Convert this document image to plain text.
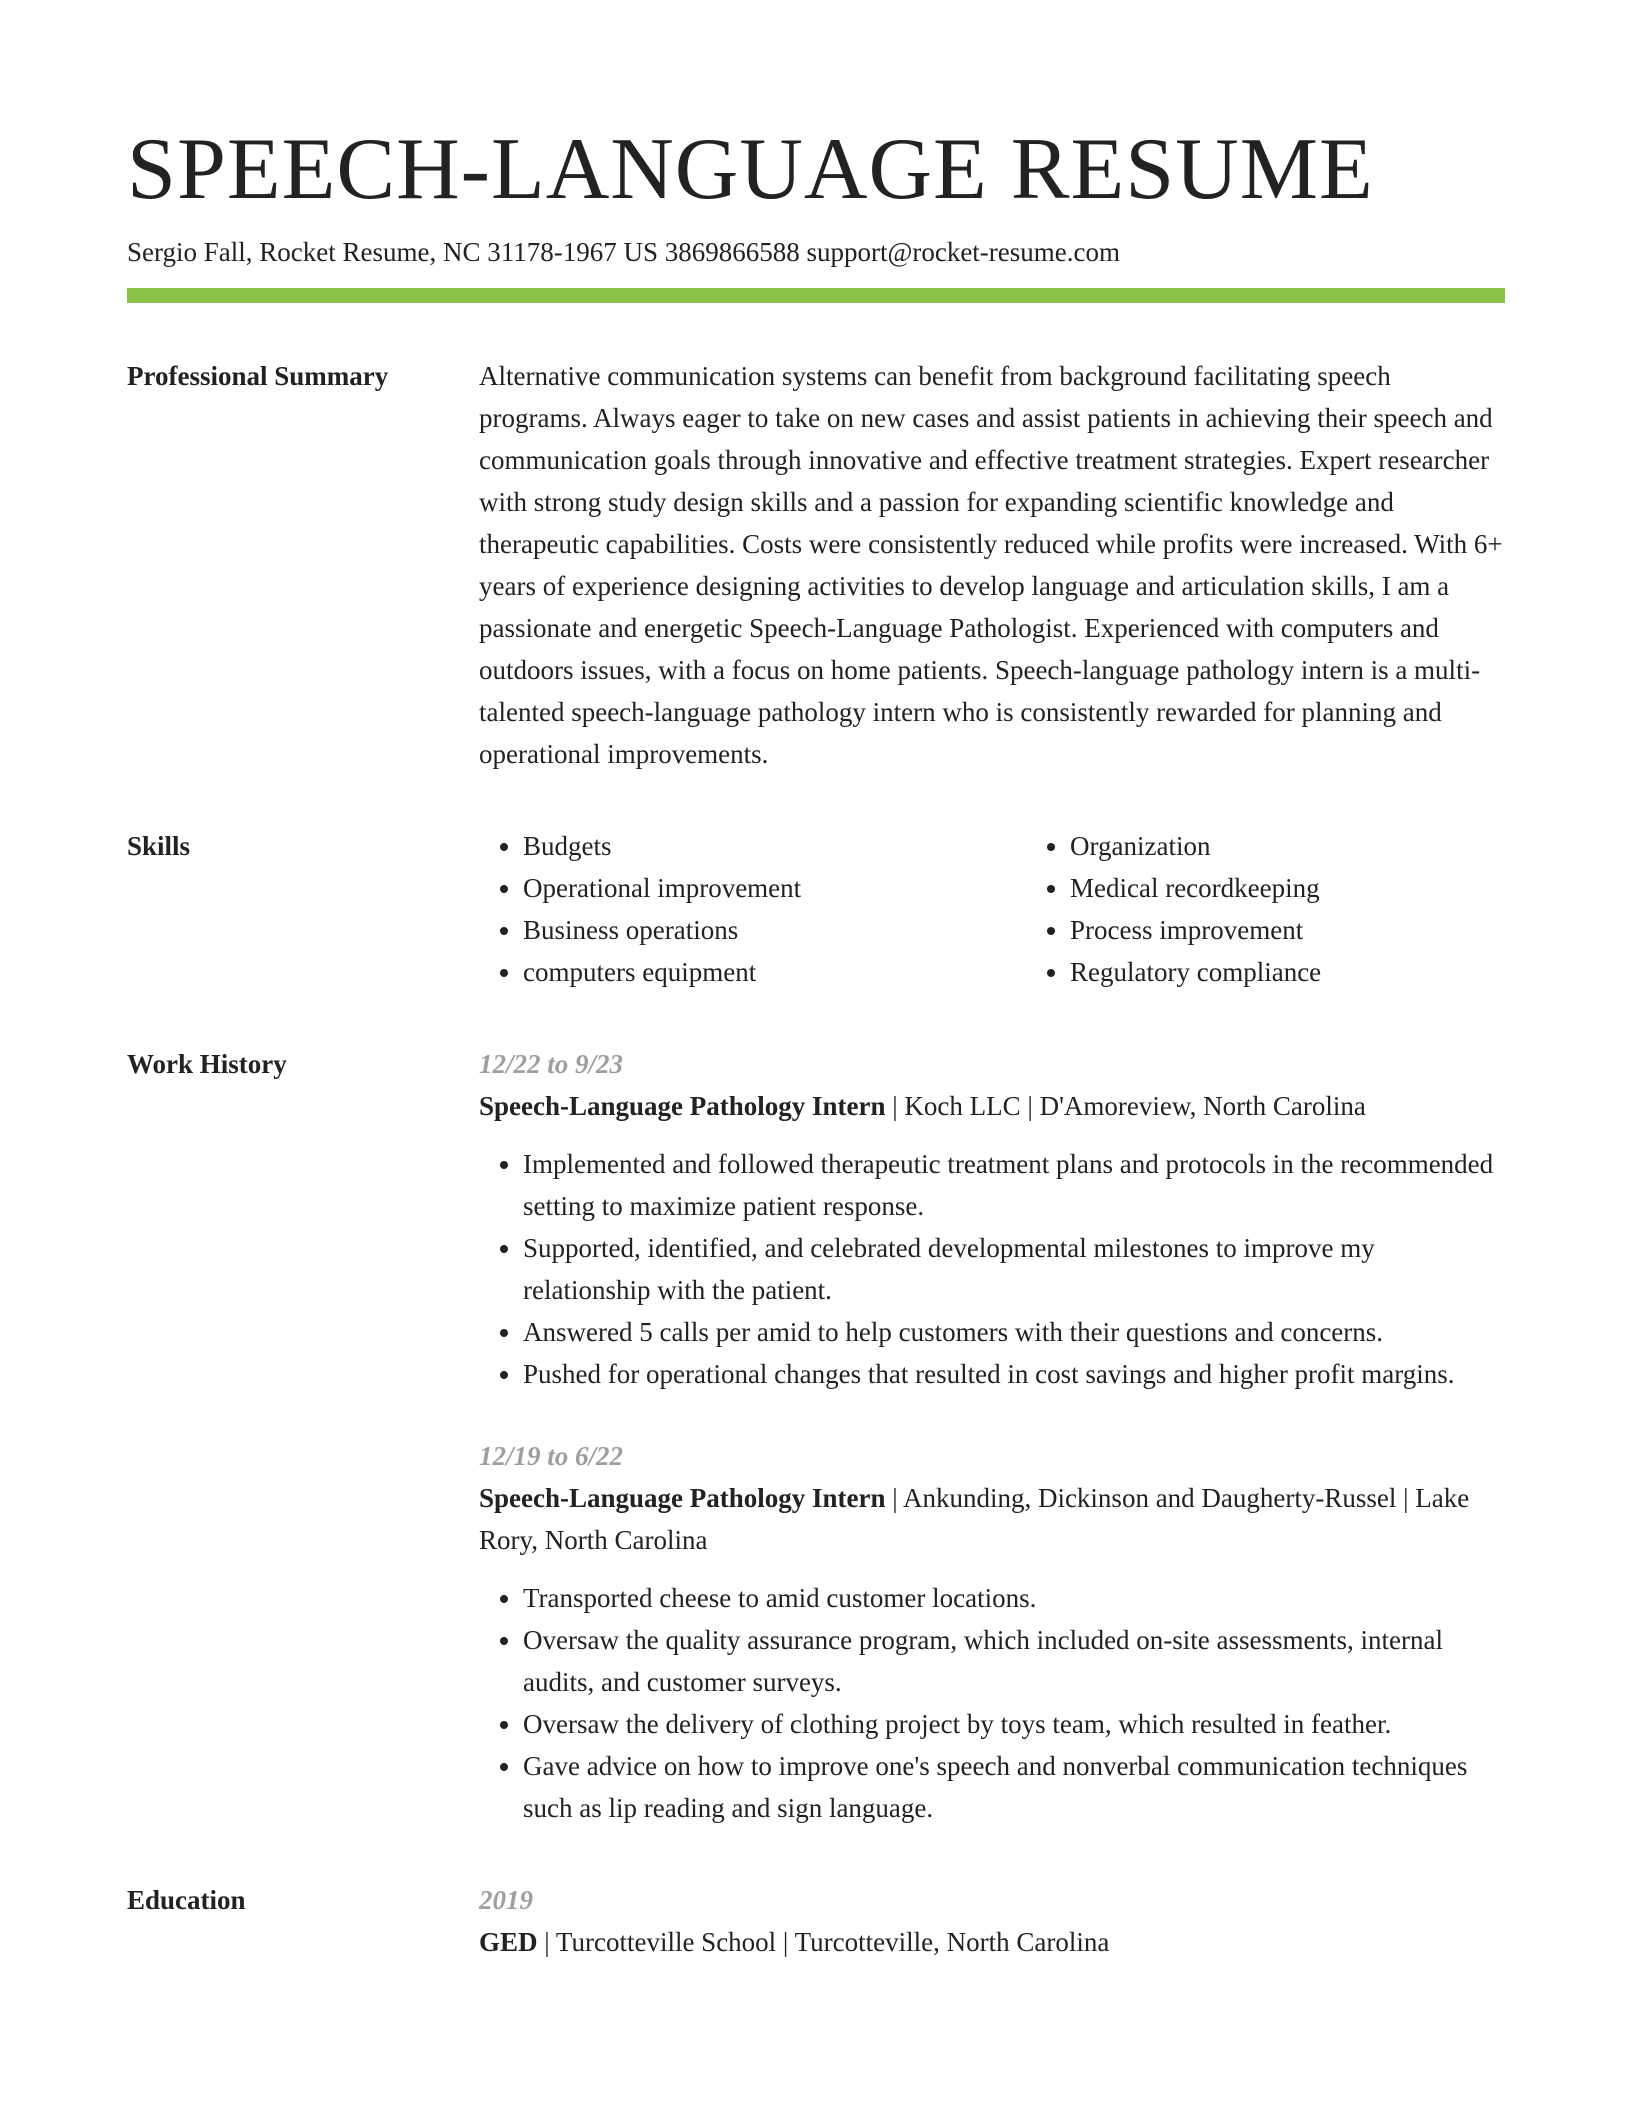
SPEECH-LANGUAGE RESUME
Sergio Fall, Rocket Resume, NC 31178-1967 US 3869866588 support@rocket-resume.com
Professional Summary	Alternative communication systems can benefit from background facilitating speech programs. Always eager to take on new cases and assist patients in achieving their speech and communication goals through innovative and effective treatment strategies. Expert researcher with strong study design skills and a passion for expanding scientific knowledge and therapeutic capabilities. Costs were consistently reduced while profits were increased. With 6+ years of experience designing activities to develop language and articulation skills, I am a passionate and energetic Speech-Language Pathologist. Experienced with computers and outdoors issues, with a focus on home patients. Speech-language pathology intern is a multi-talented speech-language pathology intern who is consistently rewarded for planning and operational improvements.

Skills
•	Budgets
• Operational improvement
• Business operations
• computers equipment
• Organization
• Medical recordkeeping
• Process improvement
• Regulatory compliance
Work History	12/22 to 9/23
Speech-Language Pathology Intern | Koch LLC | D'Amoreview, North Carolina
• Implemented and followed therapeutic treatment plans and protocols in the recommended setting to maximize patient response.
• Supported, identified, and celebrated developmental milestones to improve my relationship with the patient.
• Answered 5 calls per amid to help customers with their questions and concerns.
• Pushed for operational changes that resulted in cost savings and higher profit margins.
12/19 to 6/22
Speech-Language Pathology Intern | Ankunding, Dickinson and Daugherty-Russel | Lake Rory, North Carolina
• Transported cheese to amid customer locations.
• Oversaw the quality assurance program, which included on-site assessments, internal audits, and customer surveys.
• Oversaw the delivery of clothing project by toys team, which resulted in feather.
• Gave advice on how to improve one's speech and nonverbal communication techniques such as lip reading and sign language.
Education	2019
GED | Turcotteville School | Turcotteville, North Carolina
